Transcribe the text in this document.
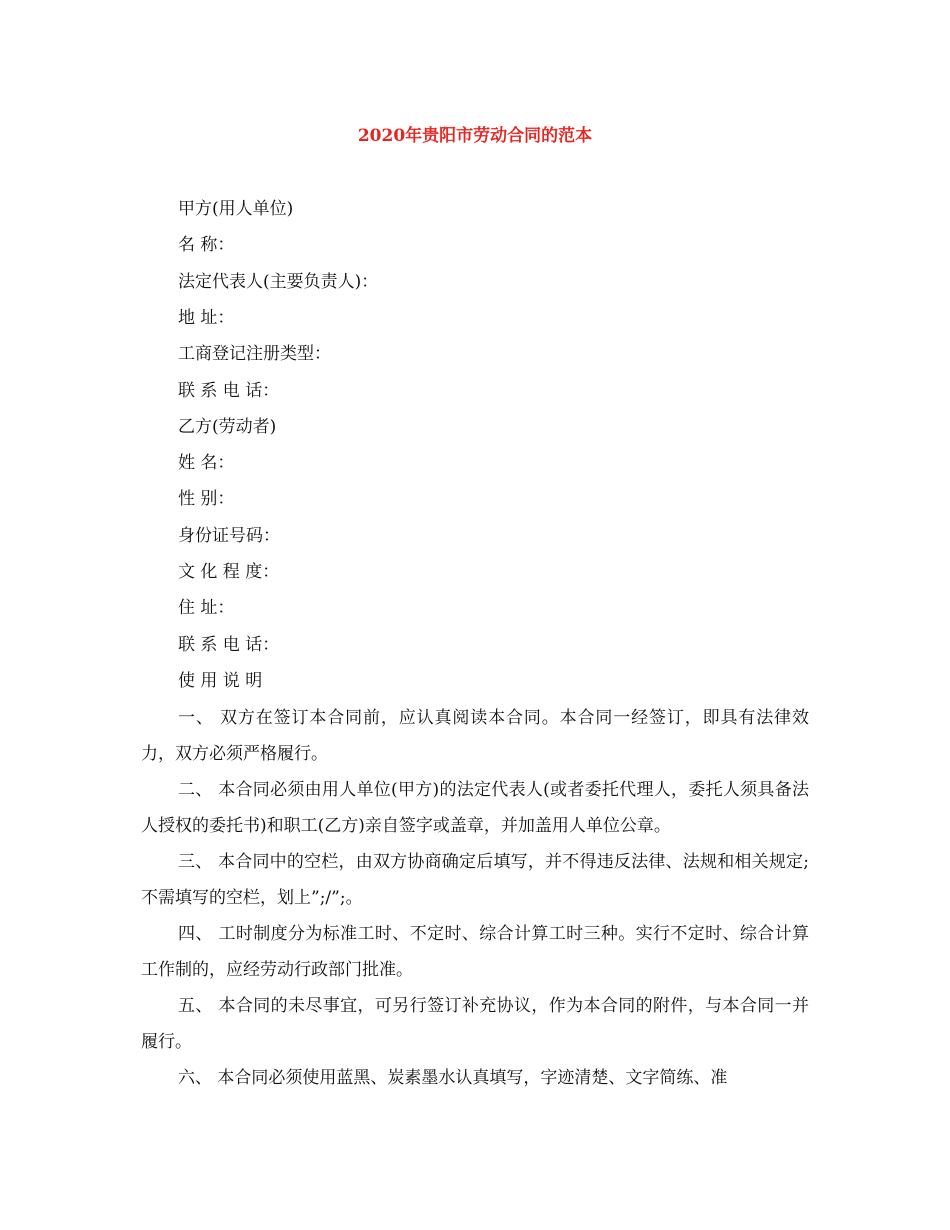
2020年贵阳市劳动合同的范本
甲方(用人单位)
名 称：
法定代表人(主要负责人)：
地 址：
工商登记注册类型：
联 系 电 话：
乙方(劳动者)
姓 名：
性 别：
身份证号码：
文 化 程 度：
住 址：
联 系 电 话：
使 用 说 明
一、 双方在签订本合同前，应认真阅读本合同。本合同一经签订，即具有法律效力，双方必须严格履行。
二、 本合同必须由用人单位(甲方)的法定代表人(或者委托代理人，委托人须具备法人授权的委托书)和职工(乙方)亲自签字或盖章，并加盖用人单位公章。
三、 本合同中的空栏，由双方协商确定后填写，并不得违反法律、法规和相关规定;不需填写的空栏，划上”;/”;。
四、 工时制度分为标准工时、不定时、综合计算工时三种。实行不定时、综合计算工作制的，应经劳动行政部门批准。
五、 本合同的未尽事宜，可另行签订补充协议，作为本合同的附件，与本合同一并履行。
六、 本合同必须使用蓝黑、炭素墨水认真填写，字迹清楚、文字简练、准
